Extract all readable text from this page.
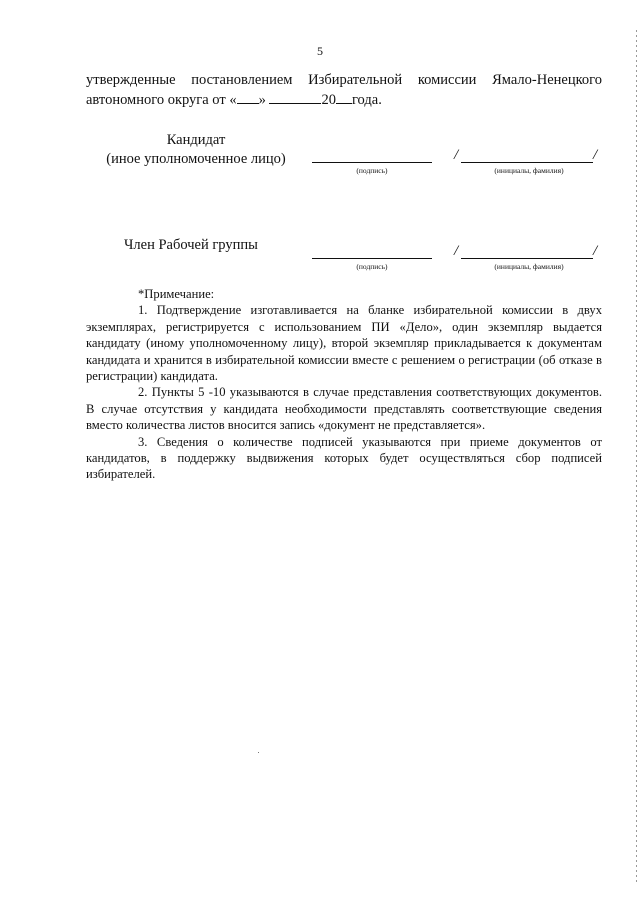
5
утвержденные постановлением Избирательной комиссии Ямало-Ненецкого
автономного округа от « »	20 года.
Кандидат
(иное уполномоченное лицо)
(подпись)
/	/
(инициалы, фамилия)
Член Рабочей группы
(подпись)
/	/
(инициалы, фамилия)
*Примечание:

1. Подтверждение изготавливается на бланке избирательной комиссии в двух экземплярах, регистрируется с использованием ПИ «Дело», один экземпляр выдается кандидату (иному уполномоченному лицу), второй экземпляр прикладывается к документам кандидата и хранится в избирательной комиссии вместе с решением о регистрации (об отказе в регистрации) кандидата.

2. Пункты 5 -10 указываются в случае представления соответствующих документов. В случае отсутствия у кандидата необходимости представлять соответствующие сведения вместо количества листов вносится запись «документ не представляется».

3. Сведения о количестве подписей указываются при приеме документов от кандидатов, в поддержку выдвижения которых будет осуществляться сбор подписей избирателей.
